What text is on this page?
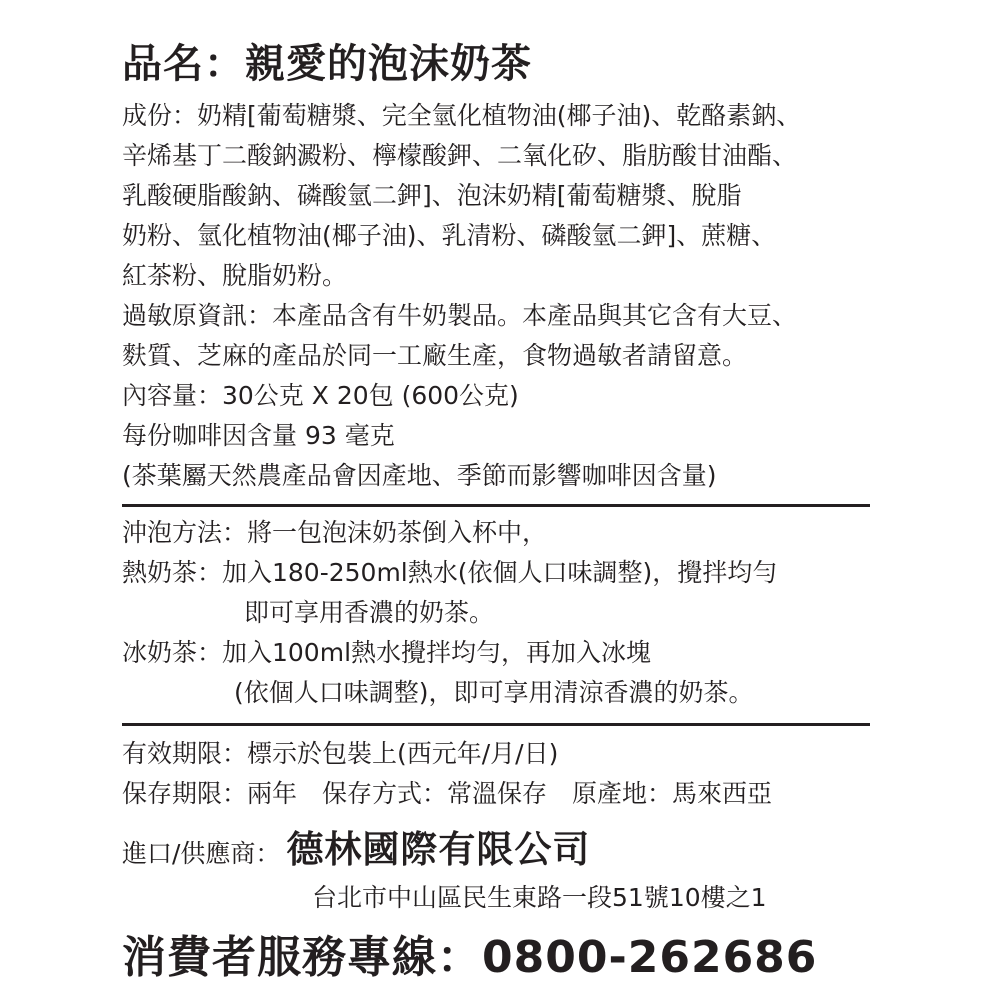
品名：親愛的泡沫奶茶
成份：奶精[葡萄糖漿、完全氫化植物油(椰子油)、乾酪素鈉、
辛烯基丁二酸鈉澱粉、檸檬酸鉀、二氧化矽、脂肪酸甘油酯、
乳酸硬脂酸鈉、磷酸氫二鉀]、泡沫奶精[葡萄糖漿、脫脂
奶粉、氫化植物油(椰子油)、乳清粉、磷酸氫二鉀]、蔗糖、
紅茶粉、脫脂奶粉。
過敏原資訊：本產品含有牛奶製品。本產品與其它含有大豆、
麩質、芝麻的產品於同一工廠生產，食物過敏者請留意。
內容量：30公克 X 20包 (600公克)
每份咖啡因含量 93 毫克
(茶葉屬天然農產品會因產地、季節而影響咖啡因含量)
沖泡方法：將一包泡沫奶茶倒入杯中，
熱奶茶：加入180-250ml熱水(依個人口味調整)，攪拌均勻
即可享用香濃的奶茶。
冰奶茶：加入100ml熱水攪拌均勻，再加入冰塊
(依個人口味調整)，即可享用清涼香濃的奶茶。
有效期限：標示於包裝上(西元年/月/日)
保存期限：兩年　保存方式：常溫保存　原產地：馬來西亞
進口/供應商： 德林國際有限公司
台北市中山區民生東路一段51號10樓之1
消費者服務專線：0800-262686
